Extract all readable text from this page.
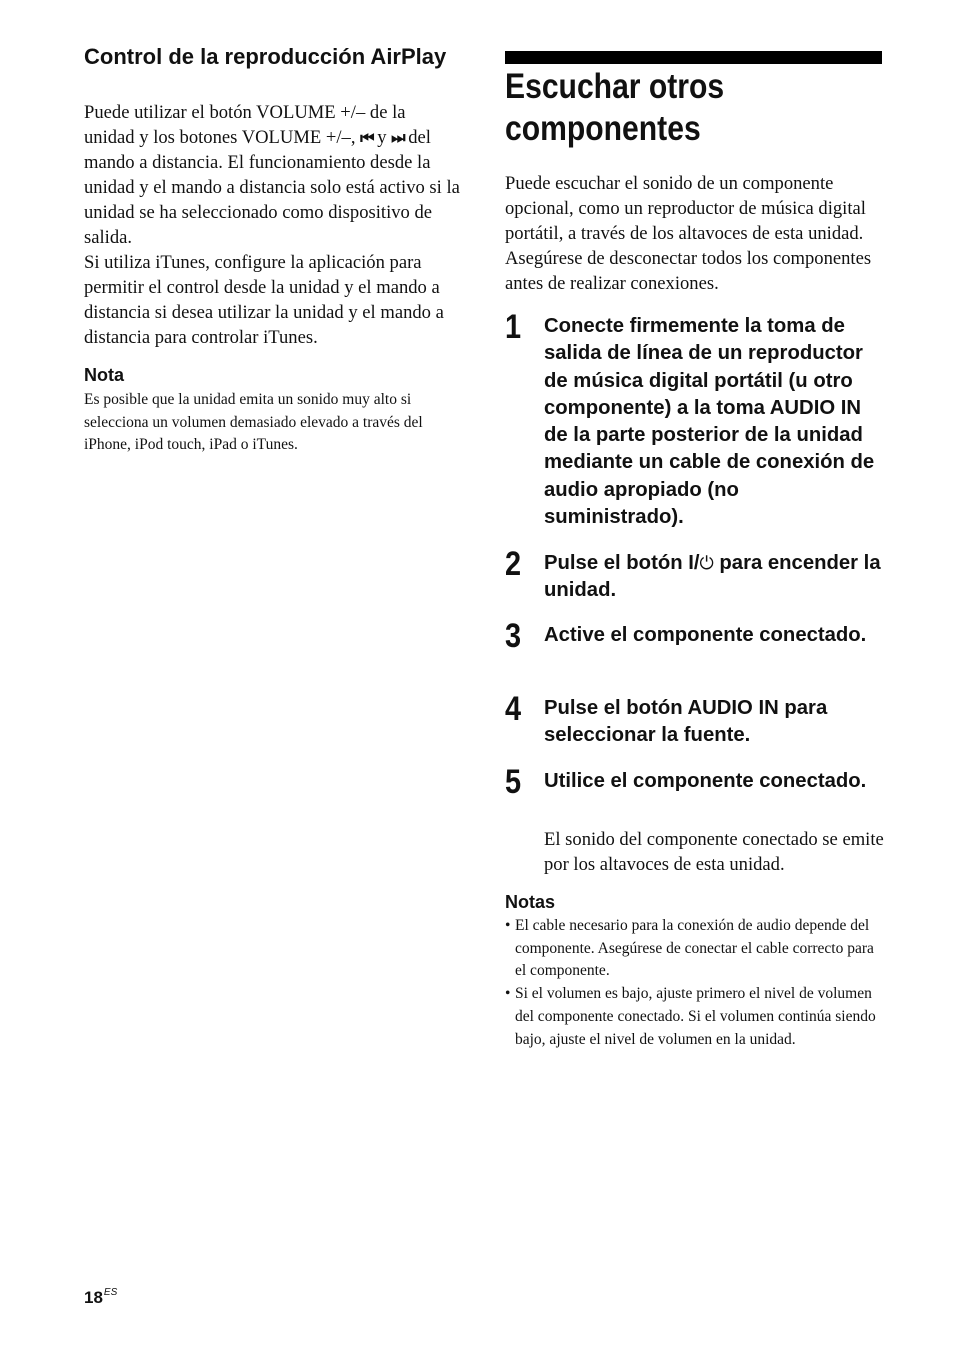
Control de la reproducción AirPlay

Puede utilizar el botón VOLUME +/– de la unidad y los botones VOLUME +/–, ⏮ y ⏭ del mando a distancia. El funcionamiento desde la unidad y el mando a distancia solo está activo si la unidad se ha seleccionado como dispositivo de salida.

Si utiliza iTunes, configure la aplicación para permitir el control desde la unidad y el mando a distancia si desea utilizar la unidad y el mando a distancia para controlar iTunes.

Nota

Es posible que la unidad emita un sonido muy alto si selecciona un volumen demasiado elevado a través del iPhone, iPod touch, iPad o iTunes.

Escuchar otros componentes

Puede escuchar el sonido de un componente opcional, como un reproductor de música digital portátil, a través de los altavoces de esta unidad. Asegúrese de desconectar todos los componentes antes de realizar conexiones.

1 Conecte firmemente la toma de salida de línea de un reproductor de música digital portátil (u otro componente) a la toma AUDIO IN de la parte posterior de la unidad mediante un cable de conexión de audio apropiado (no suministrado).

2 Pulse el botón I/⏻ para encender la unidad.

3 Active el componente conectado.

4 Pulse el botón AUDIO IN para seleccionar la fuente.

5 Utilice el componente conectado.

El sonido del componente conectado se emite por los altavoces de esta unidad.

Notas

• El cable necesario para la conexión de audio depende del componente. Asegúrese de conectar el cable correcto para el componente.
• Si el volumen es bajo, ajuste primero el nivel de volumen del componente conectado. Si el volumen continúa siendo bajo, ajuste el nivel de volumen en la unidad.
$18^{ES}$
